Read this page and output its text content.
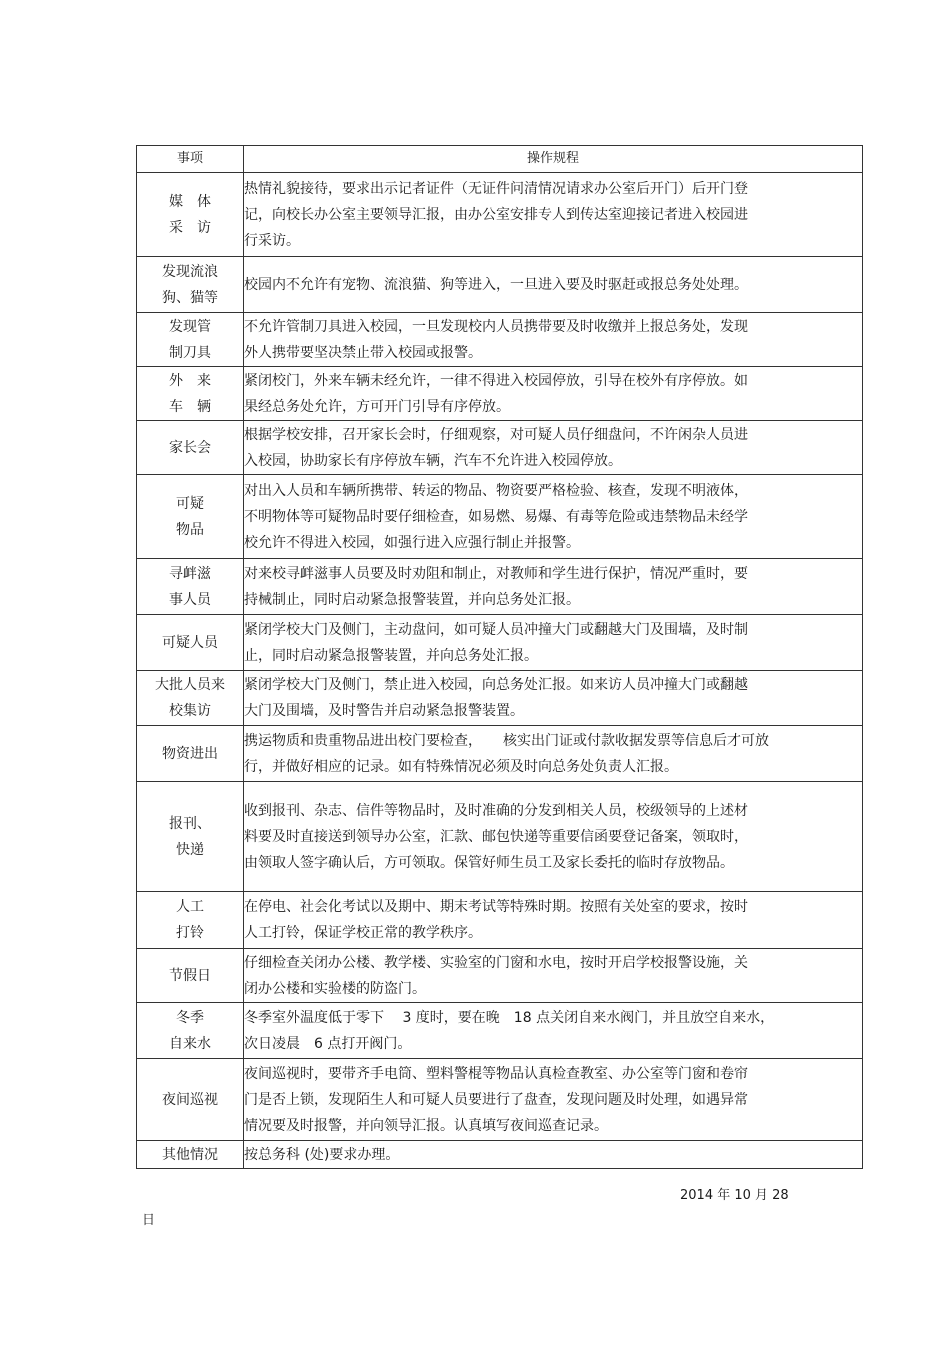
事项	操作规程
媒　体
采　访	热情礼貌接待，要求出示记者证件（无证件问清情况请求办公室后开门）后开门登
记，向校长办公室主要领导汇报，由办公室安排专人到传达室迎接记者进入校园进
行采访。
发现流浪
狗、猫等	校园内不允许有宠物、流浪猫、狗等进入，一旦进入要及时驱赶或报总务处处理。
发现管
制刀具	不允许管制刀具进入校园，一旦发现校内人员携带要及时收缴并上报总务处，发现
外人携带要坚决禁止带入校园或报警。
外　来
车　辆	紧闭校门，外来车辆未经允许，一律不得进入校园停放，引导在校外有序停放。如
果经总务处允许，方可开门引导有序停放。
家长会	根据学校安排，召开家长会时，仔细观察，对可疑人员仔细盘问，不许闲杂人员进
入校园，协助家长有序停放车辆，汽车不允许进入校园停放。
可疑
物品	对出入人员和车辆所携带、转运的物品、物资要严格检验、核查，发现不明液体，
不明物体等可疑物品时要仔细检查，如易燃、易爆、有毒等危险或违禁物品未经学
校允许不得进入校园，如强行进入应强行制止并报警。
寻衅滋
事人员	对来校寻衅滋事人员要及时劝阻和制止，对教师和学生进行保护，情况严重时，要
持械制止，同时启动紧急报警装置，并向总务处汇报。
可疑人员	紧闭学校大门及侧门，主动盘问，如可疑人员冲撞大门或翻越大门及围墙，及时制
止，同时启动紧急报警装置，并向总务处汇报。
大批人员来
校集访	紧闭学校大门及侧门，禁止进入校园，向总务处汇报。如来访人员冲撞大门或翻越
大门及围墙，及时警告并启动紧急报警装置。
物资进出	携运物质和贵重物品进出校门要检查，　　核实出门证或付款收据发票等信息后才可放
行，并做好相应的记录。如有特殊情况必须及时向总务处负责人汇报。
报刊、
快递	收到报刊、杂志、信件等物品时，及时准确的分发到相关人员，校级领导的上述材
料要及时直接送到领导办公室，汇款、邮包快递等重要信函要登记备案，领取时，
由领取人签字确认后，方可领取。保管好师生员工及家长委托的临时存放物品。
人工
打铃	在停电、社会化考试以及期中、期末考试等特殊时期。按照有关处室的要求，按时
人工打铃，保证学校正常的教学秩序。
节假日	仔细检查关闭办公楼、教学楼、实验室的门窗和水电，按时开启学校报警设施，关
闭办公楼和实验楼的防盗门。
冬季
自来水	冬季室外温度低于零下　 3 度时，要在晚　18 点关闭自来水阀门，并且放空自来水，
次日凌晨　6 点打开阀门。
夜间巡视	夜间巡视时，要带齐手电筒、塑料警棍等物品认真检查教室、办公室等门窗和卷帘
门是否上锁，发现陌生人和可疑人员要进行了盘查，发现问题及时处理，如遇异常
情况要及时报警，并向领导汇报。认真填写夜间巡查记录。
其他情况	按总务科 (处)要求办理。
2014 年 10 月 28
日
